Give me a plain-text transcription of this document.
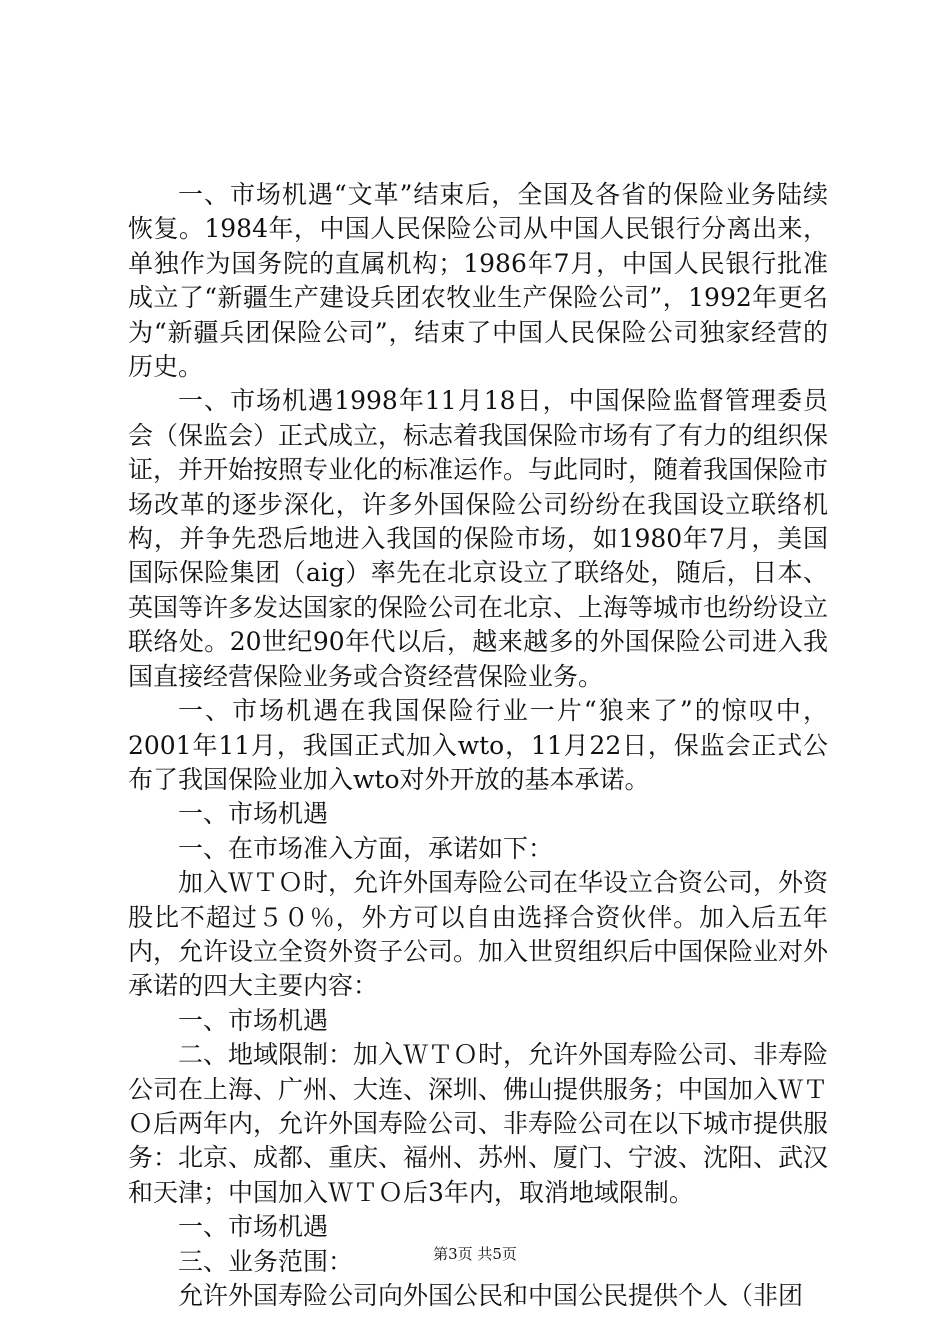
一、市场机遇“文革”结束后，全国及各省的保险业务陆续恢复。1984年，中国人民保险公司从中国人民银行分离出来，单独作为国务院的直属机构；1986年7月，中国人民银行批准成立了“新疆生产建设兵团农牧业生产保险公司”，1992年更名为“新疆兵团保险公司”，结束了中国人民保险公司独家经营的历史。

一、市场机遇1998年11月18日，中国保险监督管理委员会（保监会）正式成立，标志着我国保险市场有了有力的组织保证，并开始按照专业化的标准运作。与此同时，随着我国保险市场改革的逐步深化，许多外国保险公司纷纷在我国设立联络机构，并争先恐后地进入我国的保险市场，如1980年7月，美国国际保险集团（aig）率先在北京设立了联络处，随后，日本、英国等许多发达国家的保险公司在北京、上海等城市也纷纷设立联络处。20世纪90年代以后，越来越多的外国保险公司进入我国直接经营保险业务或合资经营保险业务。

一、市场机遇在我国保险行业一片“狼来了”的惊叹中，2001年11月，我国正式加入wto，11月22日，保监会正式公布了我国保险业加入wto对外开放的基本承诺。

一、市场机遇

一、在市场准入方面，承诺如下：

加入ＷＴＯ时，允许外国寿险公司在华设立合资公司，外资股比不超过５０％，外方可以自由选择合资伙伴。加入后五年内，允许设立全资外资子公司。加入世贸组织后中国保险业对外承诺的四大主要内容：

一、市场机遇

二、地域限制：加入ＷＴＯ时，允许外国寿险公司、非寿险公司在上海、广州、大连、深圳、佛山提供服务；中国加入ＷＴＯ后两年内，允许外国寿险公司、非寿险公司在以下城市提供服务：北京、成都、重庆、福州、苏州、厦门、宁波、沈阳、武汉和天津；中国加入ＷＴＯ后3年内，取消地域限制。

一、市场机遇

三、业务范围：

允许外国寿险公司向外国公民和中国公民提供个人（非团

第3页 共5页
